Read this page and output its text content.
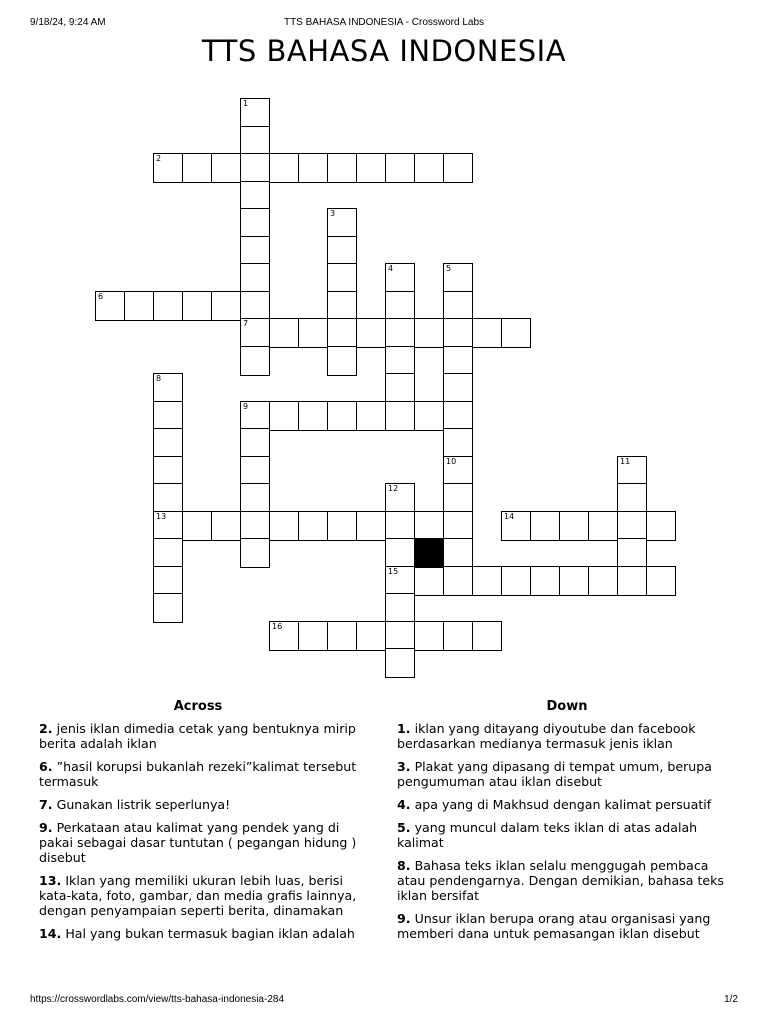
9/18/24, 9:24 AM	TTS BAHASA INDONESIA - Crossword Labs
TTS BAHASA INDONESIA
1
7
2
3
4	5
6
8
13
9
10	11
12
15
14
16
Across
2. jenis iklan dimedia cetak yang bentuknya mirip berita adalah iklan
6. ”hasil korupsi bukanlah rezeki”kalimat tersebut termasuk
7. Gunakan listrik seperlunya!
9. Perkataan atau kalimat yang pendek yang di pakai sebagai dasar tuntutan ( pegangan hidung ) disebut
13. Iklan yang memiliki ukuran lebih luas, berisi kata-kata, foto, gambar, dan media grafis lainnya, dengan penyampaian seperti berita, dinamakan
14. Hal yang bukan termasuk bagian iklan adalah
Down
1. iklan yang ditayang diyoutube dan facebook berdasarkan medianya termasuk jenis iklan
3. Plakat yang dipasang di tempat umum, berupa pengumuman atau iklan disebut
4. apa yang di Makhsud dengan kalimat persuatif
5. yang muncul dalam teks iklan di atas adalah kalimat
8. Bahasa teks iklan selalu menggugah pembaca atau pendengarnya. Dengan demikian, bahasa teks iklan bersifat
9. Unsur iklan berupa orang atau organisasi yang memberi dana untuk pemasangan iklan disebut
https://crosswordlabs.com/view/tts-bahasa-indonesia-284	1/2
